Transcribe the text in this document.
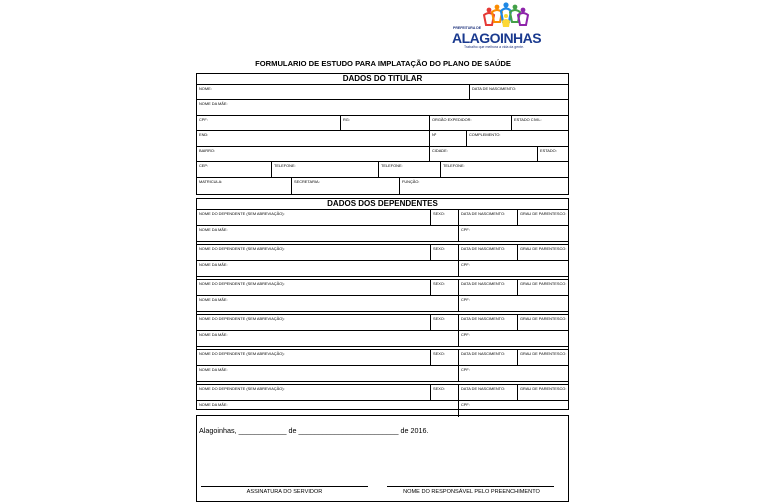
PREFEITURA DE
ALAGOINHAS
Trabalho que melhora a vida da gente.
FORMULARIO DE ESTUDO PARA IMPLATAÇÃO DO PLANO DE SAÚDE
DADOS DO TITULAR
NOME:	DATA DE NASCIMENTO:
NOME DA MÃE:
CPF:	RG:	ORGÃO EXPEDIDOR:	ESTADO CIVIL:
END:	Nº	COMPLEMENTO:
BAIRRO:	CIDADE:	ESTADO:
CEP:	TELEFONE:	TELEFONE:	TELEFONE:
MATRICULA:	SECRETARIA:	FUNÇÃO:
DADOS DOS DEPENDENTES
NOME DO DEPENDENTE (SEM ABREVIAÇÃO):	SEXO:	DATA DE NASCIMENTO:	GRAU DE PARENTESCO:
NOME DA MÃE:	CPF:
NOME DO DEPENDENTE (SEM ABREVIAÇÃO):	SEXO:	DATA DE NASCIMENTO:	GRAU DE PARENTESCO:
NOME DA MÃE:	CPF:
NOME DO DEPENDENTE (SEM ABREVIAÇÃO):	SEXO:	DATA DE NASCIMENTO:	GRAU DE PARENTESCO:
NOME DA MÃE:	CPF:
NOME DO DEPENDENTE (SEM ABREVIAÇÃO):	SEXO:	DATA DE NASCIMENTO:	GRAU DE PARENTESCO:
NOME DA MÃE:	CPF:
NOME DO DEPENDENTE (SEM ABREVIAÇÃO):	SEXO:	DATA DE NASCIMENTO:	GRAU DE PARENTESCO:
NOME DA MÃE:	CPF:
NOME DO DEPENDENTE (SEM ABREVIAÇÃO):	SEXO:	DATA DE NASCIMENTO:	GRAU DE PARENTESCO:
NOME DA MÃE:	CPF:
Alagoinhas, ____________ de _________________________ de 2016.
ASSINATURA DO SERVIDOR	NOME DO RESPONSÁVEL PELO PREENCHIMENTO
